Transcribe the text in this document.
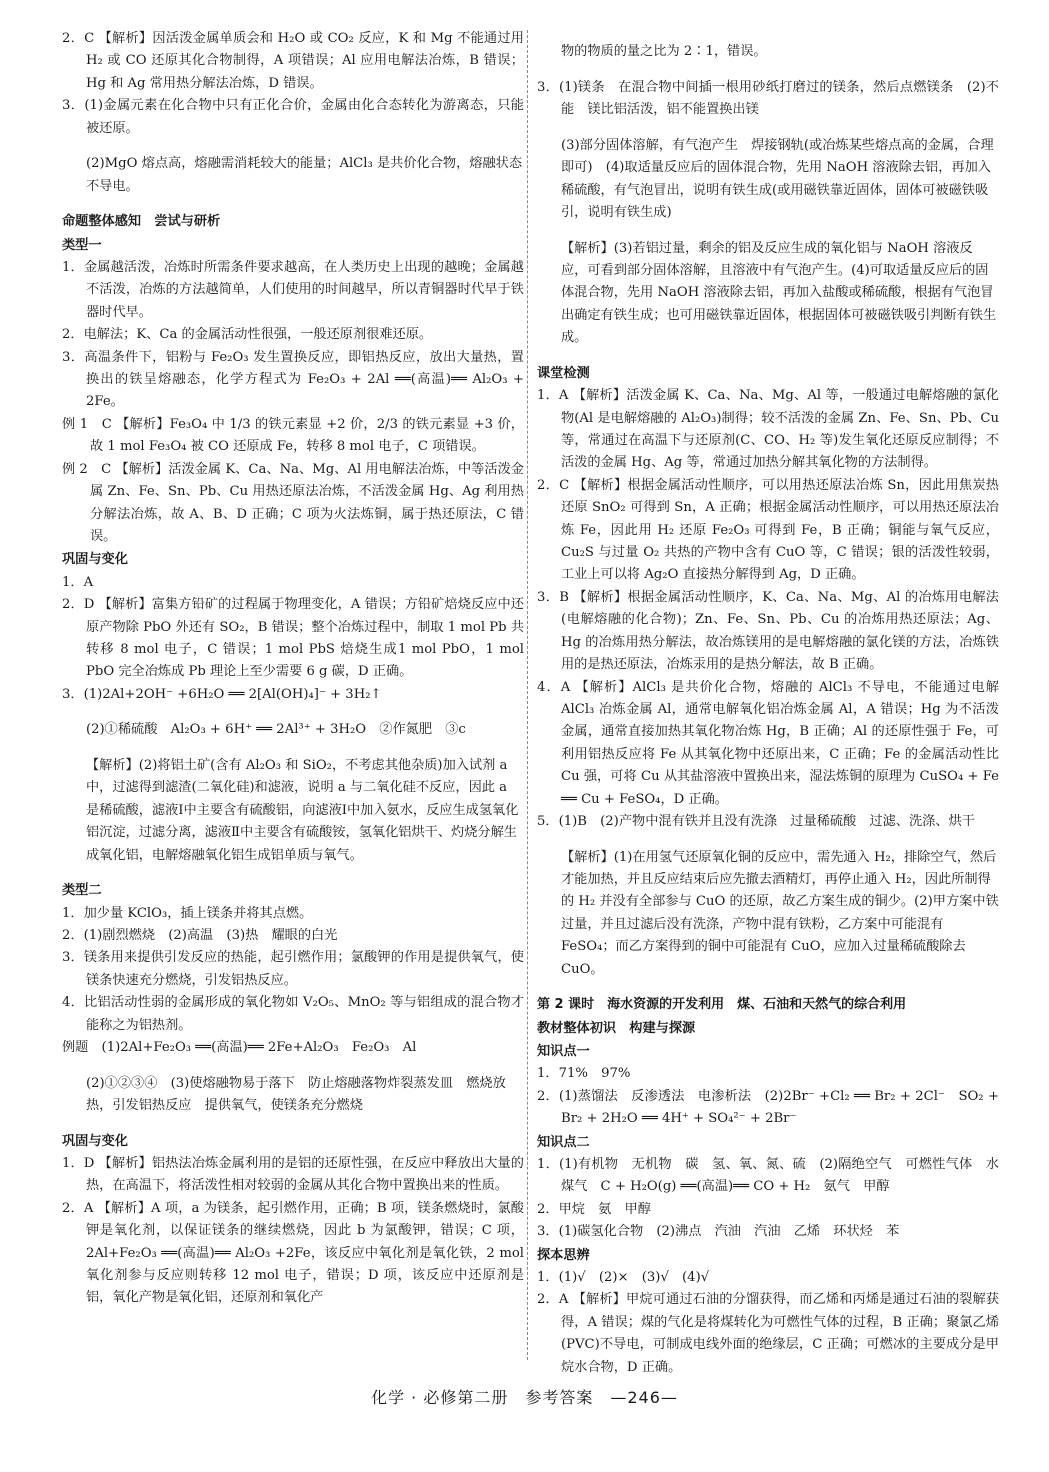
2．C 【解析】因活泼金属单质会和 H₂O 或 CO₂ 反应，K 和 Mg 不能通过用 H₂ 或 CO 还原其化合物制得，A 项错误；Al 应用电解法冶炼，B 错误；Hg 和 Ag 常用热分解法冶炼，D 错误。

3．(1)金属元素在化合物中只有正化合价，金属由化合态转化为游离态，只能被还原。

(2)MgO 熔点高，熔融需消耗较大的能量；AlCl₃ 是共价化合物，熔融状态不导电。

命题整体感知　尝试与研析

类型一

1．金属越活泼，冶炼时所需条件要求越高，在人类历史上出现的越晚；金属越不活泼，冶炼的方法越简单，人们使用的时间越早，所以青铜器时代早于铁器时代早。

2．电解法；K、Ca 的金属活动性很强，一般还原剂很难还原。

3．高温条件下，铝粉与 Fe₂O₃ 发生置换反应，即铝热反应，放出大量热，置换出的铁呈熔融态，化学方程式为 Fe₂O₃ + 2Al ══(高温)══ Al₂O₃ + 2Fe。

例 1　C 【解析】Fe₃O₄ 中 1/3 的铁元素显 +2 价，2/3 的铁元素显 +3 价，故 1 mol Fe₃O₄ 被 CO 还原成 Fe，转移 8 mol 电子，C 项错误。

例 2　C 【解析】活泼金属 K、Ca、Na、Mg、Al 用电解法冶炼，中等活泼金属 Zn、Fe、Sn、Pb、Cu 用热还原法冶炼，不活泼金属 Hg、Ag 利用热分解法冶炼，故 A、B、D 正确；C 项为火法炼铜，属于热还原法，C 错误。

巩固与变化

1．A

2．D 【解析】富集方铅矿的过程属于物理变化，A 错误；方铅矿焙烧反应中还原产物除 PbO 外还有 SO₂，B 错误；整个冶炼过程中，制取 1 mol Pb 共转移 8 mol 电子，C 错误；1 mol PbS 焙烧生成1 mol PbO，1 mol PbO 完全冶炼成 Pb 理论上至少需要 6 g 碳，D 正确。

3．(1)2Al+2OH⁻ +6H₂O ══ 2[Al(OH)₄]⁻ + 3H₂↑

(2)①稀硫酸　Al₂O₃ + 6H⁺ ══ 2Al³⁺ + 3H₂O　②作氮肥　③c

【解析】(2)将铝土矿(含有 Al₂O₃ 和 SiO₂，不考虑其他杂质)加入试剂 a 中，过滤得到滤渣(二氧化硅)和滤液，说明 a 与二氧化硅不反应，因此 a 是稀硫酸，滤液Ⅰ中主要含有硫酸铝，向滤液Ⅰ中加入氨水，反应生成氢氧化铝沉淀，过滤分离，滤液Ⅱ中主要含有硫酸铵，氢氧化铝烘干、灼烧分解生成氧化铝，电解熔融氧化铝生成铝单质与氧气。

类型二

1．加少量 KClO₃，插上镁条并将其点燃。

2．(1)剧烈燃烧　(2)高温　(3)热　耀眼的白光

3．镁条用来提供引发反应的热能，起引燃作用；氯酸钾的作用是提供氧气，使镁条快速充分燃烧，引发铝热反应。

4．比铝活动性弱的金属形成的氧化物如 V₂O₅、MnO₂ 等与铝组成的混合物才能称之为铝热剂。

例题　(1)2Al+Fe₂O₃ ══(高温)══ 2Fe+Al₂O₃　Fe₂O₃　Al

(2)①②③④　(3)使熔融物易于落下　防止熔融落物炸裂蒸发皿　燃烧放热，引发铝热反应　提供氧气，使镁条充分燃烧

巩固与变化

1．D 【解析】铝热法冶炼金属利用的是铝的还原性强，在反应中释放出大量的热，在高温下，将活泼性相对较弱的金属从其化合物中置换出来的性质。

2．A 【解析】A 项，a 为镁条，起引燃作用，正确；B 项，镁条燃烧时，氯酸钾是氧化剂，以保证镁条的继续燃烧，因此 b 为氯酸钾，错误；C 项，2Al+Fe₂O₃ ══(高温)══ Al₂O₃ +2Fe，该反应中氧化剂是氧化铁，2 mol 氧化剂参与反应则转移 12 mol 电子，错误；D 项，该反应中还原剂是铝，氧化产物是氧化铝，还原剂和氧化产

物的物质的量之比为 2∶1，错误。

3．(1)镁条　在混合物中间插一根用砂纸打磨过的镁条，然后点燃镁条　(2)不能　镁比铝活泼，铝不能置换出镁

(3)部分固体溶解，有气泡产生　焊接钢轨(或冶炼某些熔点高的金属，合理即可)　(4)取适量反应后的固体混合物，先用 NaOH 溶液除去铝，再加入稀硫酸，有气泡冒出，说明有铁生成(或用磁铁靠近固体，固体可被磁铁吸引，说明有铁生成)

【解析】(3)若铝过量，剩余的铝及反应生成的氧化铝与 NaOH 溶液反应，可看到部分固体溶解，且溶液中有气泡产生。(4)可取适量反应后的固体混合物，先用 NaOH 溶液除去铝，再加入盐酸或稀硫酸，根据有气泡冒出确定有铁生成；也可用磁铁靠近固体，根据固体可被磁铁吸引判断有铁生成。

课堂检测

1．A 【解析】活泼金属 K、Ca、Na、Mg、Al 等，一般通过电解熔融的氯化物(Al 是电解熔融的 Al₂O₃)制得；较不活泼的金属 Zn、Fe、Sn、Pb、Cu 等，常通过在高温下与还原剂(C、CO、H₂ 等)发生氧化还原反应制得；不活泼的金属 Hg、Ag 等，常通过加热分解其氧化物的方法制得。

2．C 【解析】根据金属活动性顺序，可以用热还原法冶炼 Sn，因此用焦炭热还原 SnO₂ 可得到 Sn，A 正确；根据金属活动性顺序，可以用热还原法冶炼 Fe，因此用 H₂ 还原 Fe₂O₃ 可得到 Fe，B 正确；铜能与氧气反应，Cu₂S 与过量 O₂ 共热的产物中含有 CuO 等，C 错误；银的活泼性较弱，工业上可以将 Ag₂O 直接热分解得到 Ag，D 正确。

3．B 【解析】根据金属活动性顺序，K、Ca、Na、Mg、Al 的冶炼用电解法(电解熔融的化合物)；Zn、Fe、Sn、Pb、Cu 的冶炼用热还原法；Ag、Hg 的冶炼用热分解法，故冶炼镁用的是电解熔融的氯化镁的方法，冶炼铁用的是热还原法，冶炼汞用的是热分解法，故 B 正确。

4．A 【解析】AlCl₃ 是共价化合物，熔融的 AlCl₃ 不导电，不能通过电解 AlCl₃ 冶炼金属 Al，通常电解氧化铝冶炼金属 Al，A 错误；Hg 为不活泼金属，通常直接加热其氧化物冶炼 Hg，B 正确；Al 的还原性强于 Fe，可利用铝热反应将 Fe 从其氧化物中还原出来，C 正确；Fe 的金属活动性比 Cu 强，可将 Cu 从其盐溶液中置换出来，湿法炼铜的原理为 CuSO₄ + Fe ══ Cu + FeSO₄，D 正确。

5．(1)B　(2)产物中混有铁并且没有洗涤　过量稀硫酸　过滤、洗涤、烘干

【解析】(1)在用氢气还原氧化铜的反应中，需先通入 H₂，排除空气，然后才能加热，并且反应结束后应先撤去酒精灯，再停止通入 H₂，因此所制得的 H₂ 并没有全部参与 CuO 的还原，故乙方案生成的铜少。(2)甲方案中铁过量，并且过滤后没有洗涤，产物中混有铁粉，乙方案中可能混有 FeSO₄；而乙方案得到的铜中可能混有 CuO，应加入过量稀硫酸除去 CuO。

第 2 课时　海水资源的开发利用　煤、石油和天然气的综合利用

教材整体初识　构建与探源

知识点一

1．71%　97%

2．(1)蒸馏法　反渗透法　电渗析法　(2)2Br⁻ +Cl₂ ══ Br₂ + 2Cl⁻　SO₂ + Br₂ + 2H₂O ══ 4H⁺ + SO₄²⁻ + 2Br⁻

知识点二

1．(1)有机物　无机物　碳　氢、氧、氮、硫　(2)隔绝空气　可燃性气体　水煤气　C + H₂O(g) ══(高温)══ CO + H₂　氨气　甲醇

2．甲烷　氨　甲醇

3．(1)碳氢化合物　(2)沸点　汽油　汽油　乙烯　环状烃　苯

探本思辨

1．(1)√　(2)×　(3)√　(4)√

2．A 【解析】甲烷可通过石油的分馏获得，而乙烯和丙烯是通过石油的裂解获得，A 错误；煤的气化是将煤转化为可燃性气体的过程，B 正确；聚氯乙烯(PVC)不导电，可制成电线外面的绝缘层，C 正确；可燃冰的主要成分是甲烷水合物，D 正确。

化学 · 必修第二册　参考答案　—246—
